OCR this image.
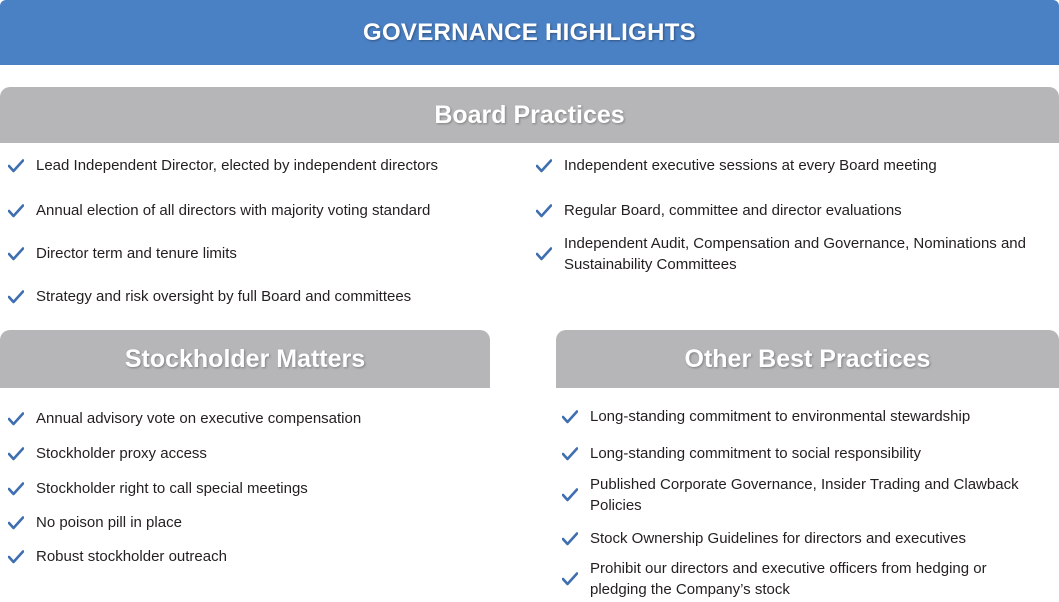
GOVERNANCE HIGHLIGHTS
Board Practices
Lead Independent Director, elected by independent directors
Annual election of all directors with majority voting standard
Director term and tenure limits
Strategy and risk oversight by full Board and committees
Independent executive sessions at every Board meeting
Regular Board, committee and director evaluations
Independent Audit, Compensation and Governance, Nominations and Sustainability Committees
Stockholder Matters
Annual advisory vote on executive compensation
Stockholder proxy access
Stockholder right to call special meetings
No poison pill in place
Robust stockholder outreach
Other Best Practices
Long-standing commitment to environmental stewardship
Long-standing commitment to social responsibility
Published Corporate Governance, Insider Trading and Clawback Policies
Stock Ownership Guidelines for directors and executives
Prohibit our directors and executive officers from hedging or pledging the Company’s stock
